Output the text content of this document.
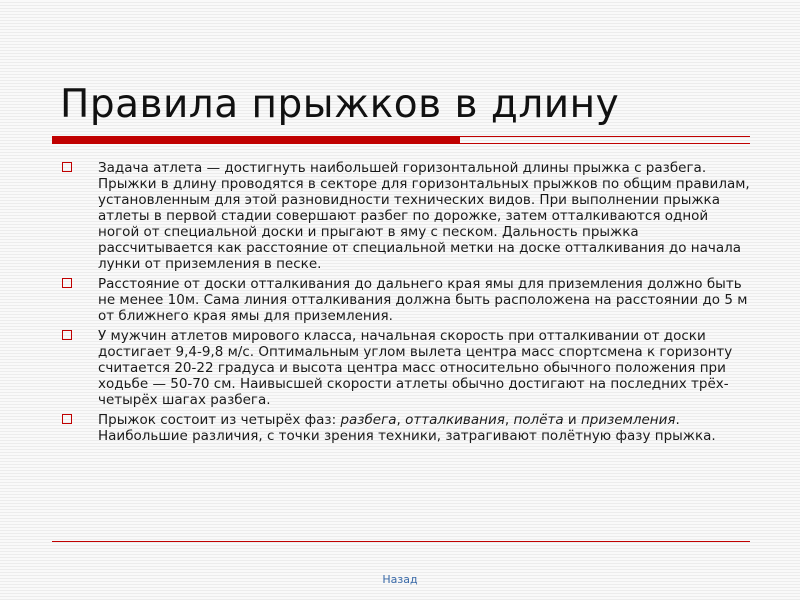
Правила прыжков в длину
Задача атлета — достигнуть наибольшей горизонтальной длины прыжка с разбега. Прыжки в длину проводятся в секторе для горизонтальных прыжков по общим правилам, установленным для этой разновидности технических видов. При выполнении прыжка атлеты в первой стадии совершают разбег по дорожке, затем отталкиваются одной ногой от специальной доски и прыгают в яму с песком. Дальность прыжка рассчитывается как расстояние от специальной метки на доске отталкивания до начала лунки от приземления в песке.
Расстояние от доски отталкивания до дальнего края ямы для приземления должно быть не менее 10м. Сама линия отталкивания должна быть расположена на расстоянии до 5 м от ближнего края ямы для приземления.
У мужчин атлетов мирового класса, начальная скорость при отталкивании от доски достигает 9,4-9,8 м/с. Оптимальным углом вылета центра масс спортсмена к горизонту считается 20-22 градуса и высота центра масс относительно обычного положения при ходьбе — 50-70 см. Наивысшей скорости атлеты обычно достигают на последних трёх-четырёх шагах разбега.
Прыжок состоит из четырёх фаз: разбега, отталкивания, полёта и приземления. Наибольшие различия, с точки зрения техники, затрагивают полётную фазу прыжка.
Назад
